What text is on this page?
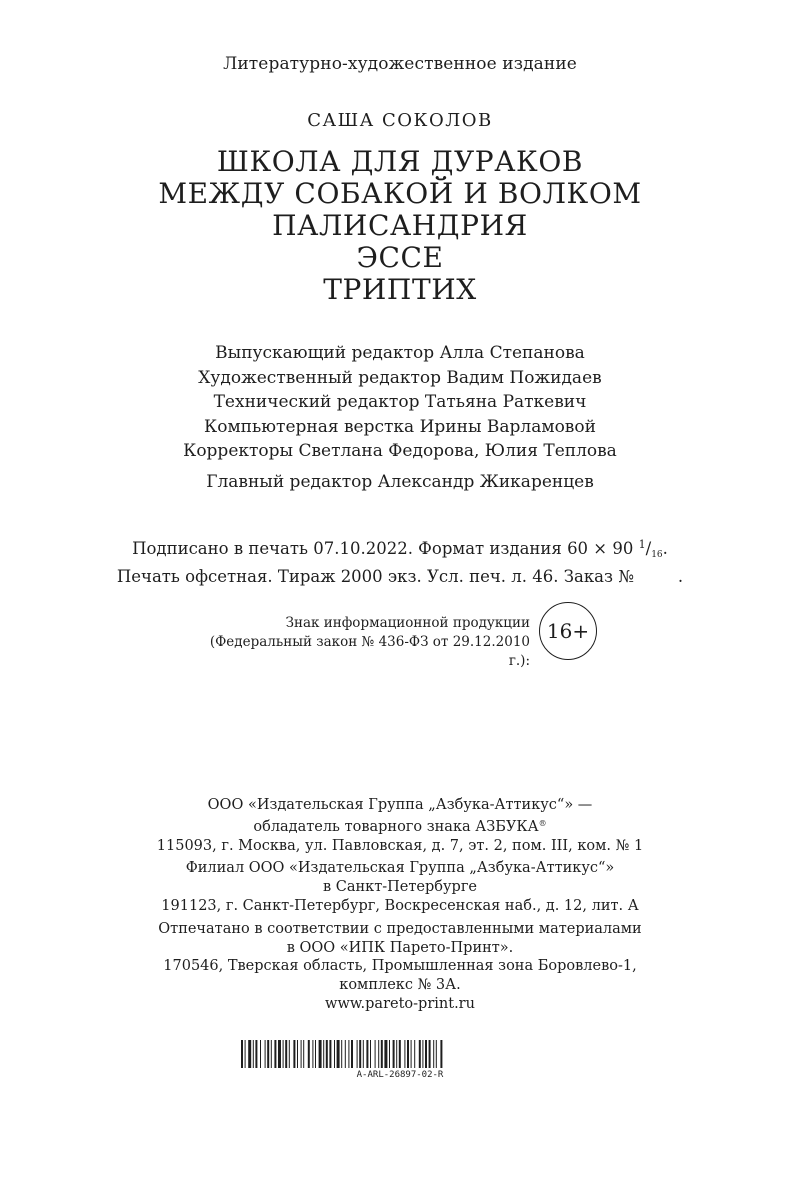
Литературно-художественное издание
САША СОКОЛОВ
ШКОЛА ДЛЯ ДУРАКОВ
МЕЖДУ СОБАКОЙ И ВОЛКОМ
ПАЛИСАНДРИЯ
ЭССЕ
ТРИПТИХ
Выпускающий редактор Алла Степанова
Художественный редактор Вадим Пожидаев
Технический редактор Татьяна Раткевич
Компьютерная верстка Ирины Варламовой
Корректоры Светлана Федорова, Юлия Теплова
Главный редактор Александр Жикаренцев
Подписано в печать 07.10.2022. Формат издания 60 × 90 $^1$/16.
Печать офсетная. Тираж 2000 экз. Усл. печ. л. 46. Заказ №	.
Знак информационной продукции
(Федеральный закон № 436-ФЗ от 29.12.2010 г.):
16+
ООО «Издательская Группа „Азбука-Аттикус“» —
обладатель товарного знака АЗБУКА®
115093, г. Москва, ул. Павловская, д. 7, эт. 2, пом. III, ком. № 1
Филиал ООО «Издательская Группа „Азбука-Аттикус“»
в Санкт-Петербурге
191123, г. Санкт-Петербург, Воскресенская наб., д. 12, лит. А
Отпечатано в соответствии с предоставленными материалами
в ООО «ИПК Парето-Принт».
170546, Тверская область, Промышленная зона Боровлево-1,
комплекс № 3А.
www.pareto-print.ru
A-ARL-26897-02-R
